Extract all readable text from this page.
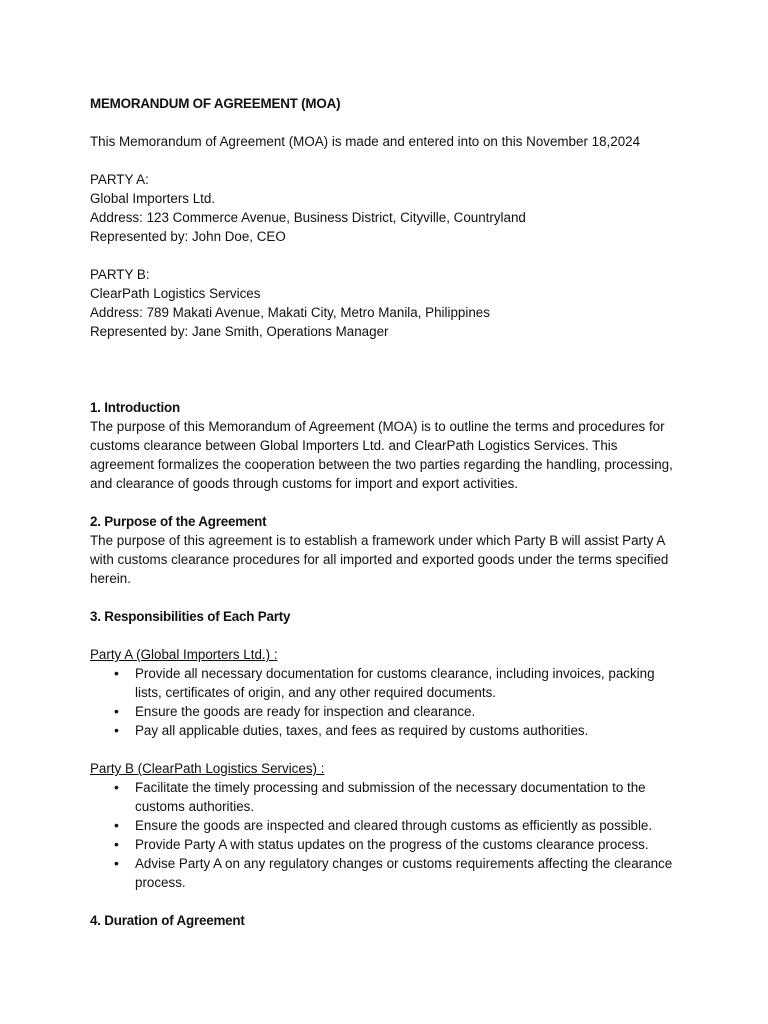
MEMORANDUM OF AGREEMENT (MOA)

This Memorandum of Agreement (MOA) is made and entered into on this November 18,2024

PARTY A:

Global Importers Ltd.

Address: 123 Commerce Avenue, Business District, Cityville, Countryland

Represented by: John Doe, CEO

PARTY B:

ClearPath Logistics Services

Address: 789 Makati Avenue, Makati City, Metro Manila, Philippines

Represented by: Jane Smith, Operations Manager

1. Introduction

The purpose of this Memorandum of Agreement (MOA) is to outline the terms and procedures for customs clearance between Global Importers Ltd. and ClearPath Logistics Services. This agreement formalizes the cooperation between the two parties regarding the handling, processing, and clearance of goods through customs for import and export activities.

2. Purpose of the Agreement

The purpose of this agreement is to establish a framework under which Party B will assist Party A with customs clearance procedures for all imported and exported goods under the terms specified herein.

3. Responsibilities of Each Party

Party A (Global Importers Ltd.) :

• Provide all necessary documentation for customs clearance, including invoices, packing lists, certificates of origin, and any other required documents.
• Ensure the goods are ready for inspection and clearance.
• Pay all applicable duties, taxes, and fees as required by customs authorities.

Party B (ClearPath Logistics Services) :

• Facilitate the timely processing and submission of the necessary documentation to the customs authorities.
• Ensure the goods are inspected and cleared through customs as efficiently as possible.
• Provide Party A with status updates on the progress of the customs clearance process.
• Advise Party A on any regulatory changes or customs requirements affecting the clearance process.

4. Duration of Agreement
